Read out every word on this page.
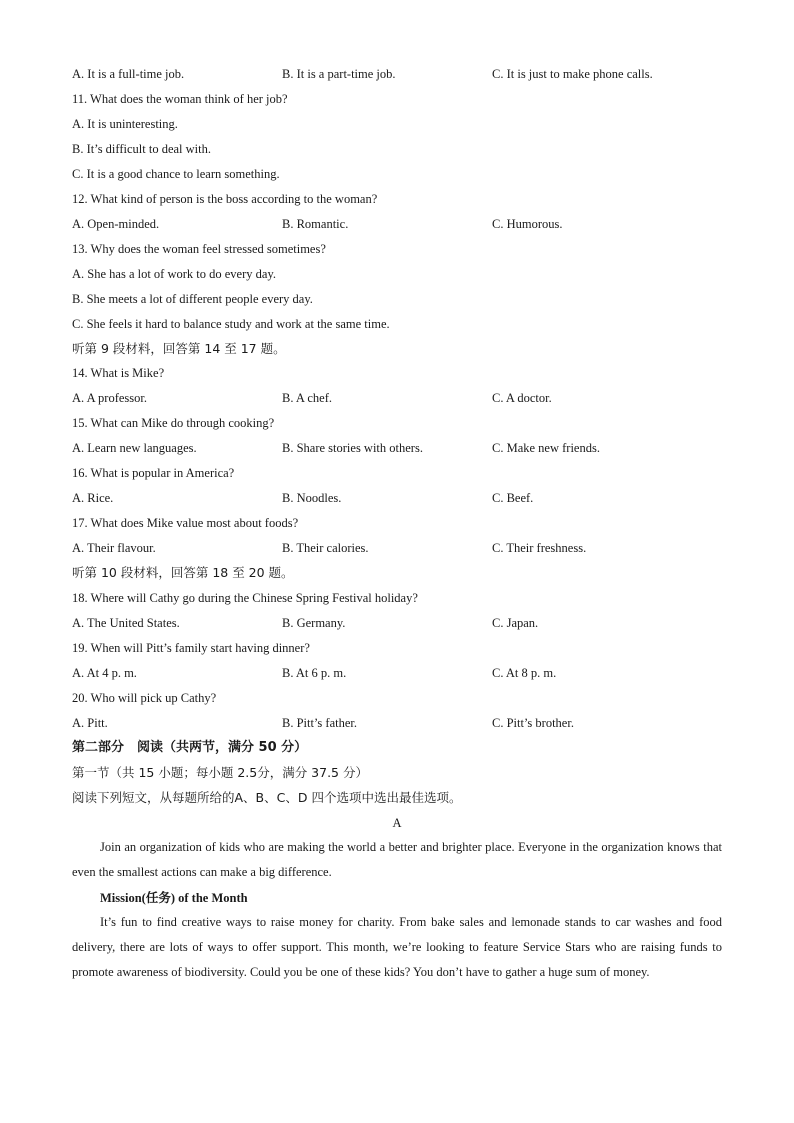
A. It is a full-time job.	B. It is a part-time job.	C. It is just to make phone calls.
11. What does the woman think of her job?
A. It is uninteresting.
B. It’s difficult to deal with.
C. It is a good chance to learn something.
12. What kind of person is the boss according to the woman?
A. Open-minded.	B. Romantic.	C. Humorous.
13. Why does the woman feel stressed sometimes?
A. She has a lot of work to do every day.
B. She meets a lot of different people every day.
C. She feels it hard to balance study and work at the same time.
听第 9 段材料，回答第 14 至 17 题。
14. What is Mike?
A. A professor.	B. A chef.	C. A doctor.
15. What can Mike do through cooking?
A. Learn new languages.	B. Share stories with others.	C. Make new friends.
16. What is popular in America?
A. Rice.	B. Noodles.	C. Beef.
17. What does Mike value most about foods?
A. Their flavour.	B. Their calories.	C. Their freshness.
听第 10 段材料，回答第 18 至 20 题。
18. Where will Cathy go during the Chinese Spring Festival holiday?
A. The United States.	B. Germany.	C. Japan.
19. When will Pitt’s family start having dinner?
A. At 4 p. m.	B. At 6 p. m.	C. At 8 p. m.
20. Who will pick up Cathy?
A. Pitt.	B. Pitt’s father.	C. Pitt’s brother.
第二部分　阅读（共两节，满分 50 分）
第一节（共 15 小题；每小题 2.5分，满分 37.5 分）
阅读下列短文，从每题所给的A、B、C、D 四个选项中选出最佳选项。
A
Join an organization of kids who are making the world a better and brighter place. Everyone in the organization knows that even the smallest actions can make a big difference.
Mission(任务) of the Month
It’s fun to find creative ways to raise money for charity. From bake sales and lemonade stands to car washes and food delivery, there are lots of ways to offer support. This month, we’re looking to feature Service Stars who are raising funds to promote awareness of biodiversity. Could you be one of these kids? You don’t have to gather a huge sum of money.
